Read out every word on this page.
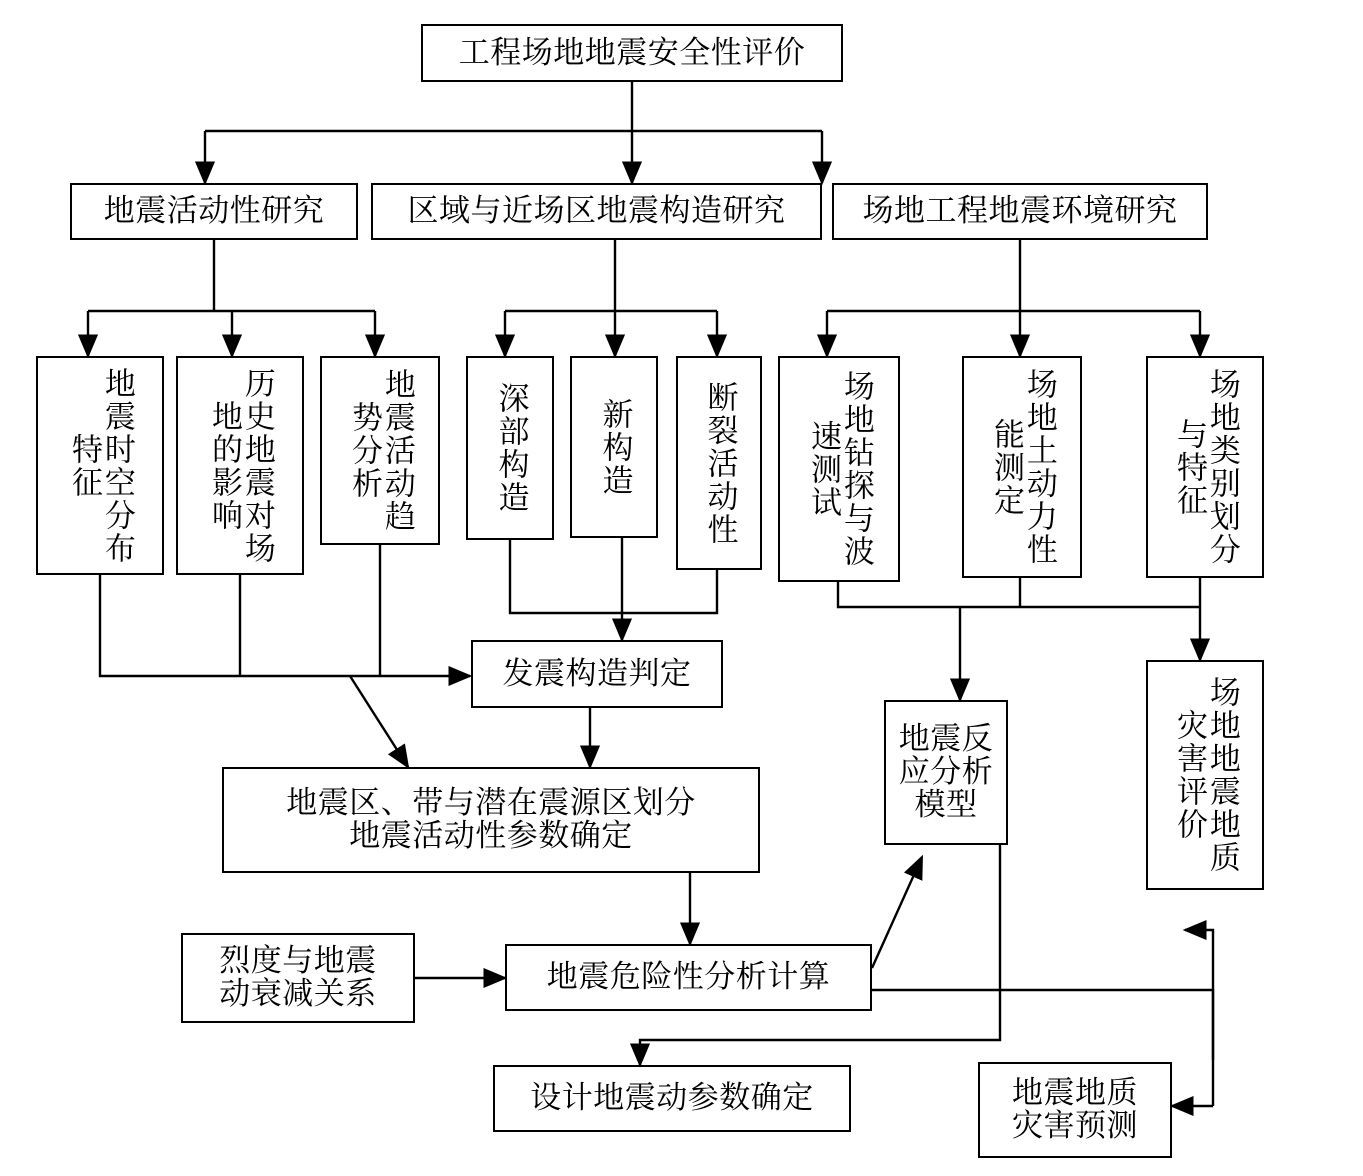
工程场地地震安全性评价
地震活动性研究	区域与近场区地震构造研究 场地工程地震环境研究
地震时空分布特征	历史地震对场地的影响	地震活动趋势分析	深部构造 新构造 断裂活动性	场地钻探与波速测试	场地土动力性能测定	场地类别划分与特征
发震构造判定
地震区、带与潜在震源区划分
地震活动性参数确定
地震反应分析模型	场地地震地质灾害评价
烈度与地震
动衰减关系	地震危险性分析计算
设计地震动参数确定	地震地质
灾害预测
